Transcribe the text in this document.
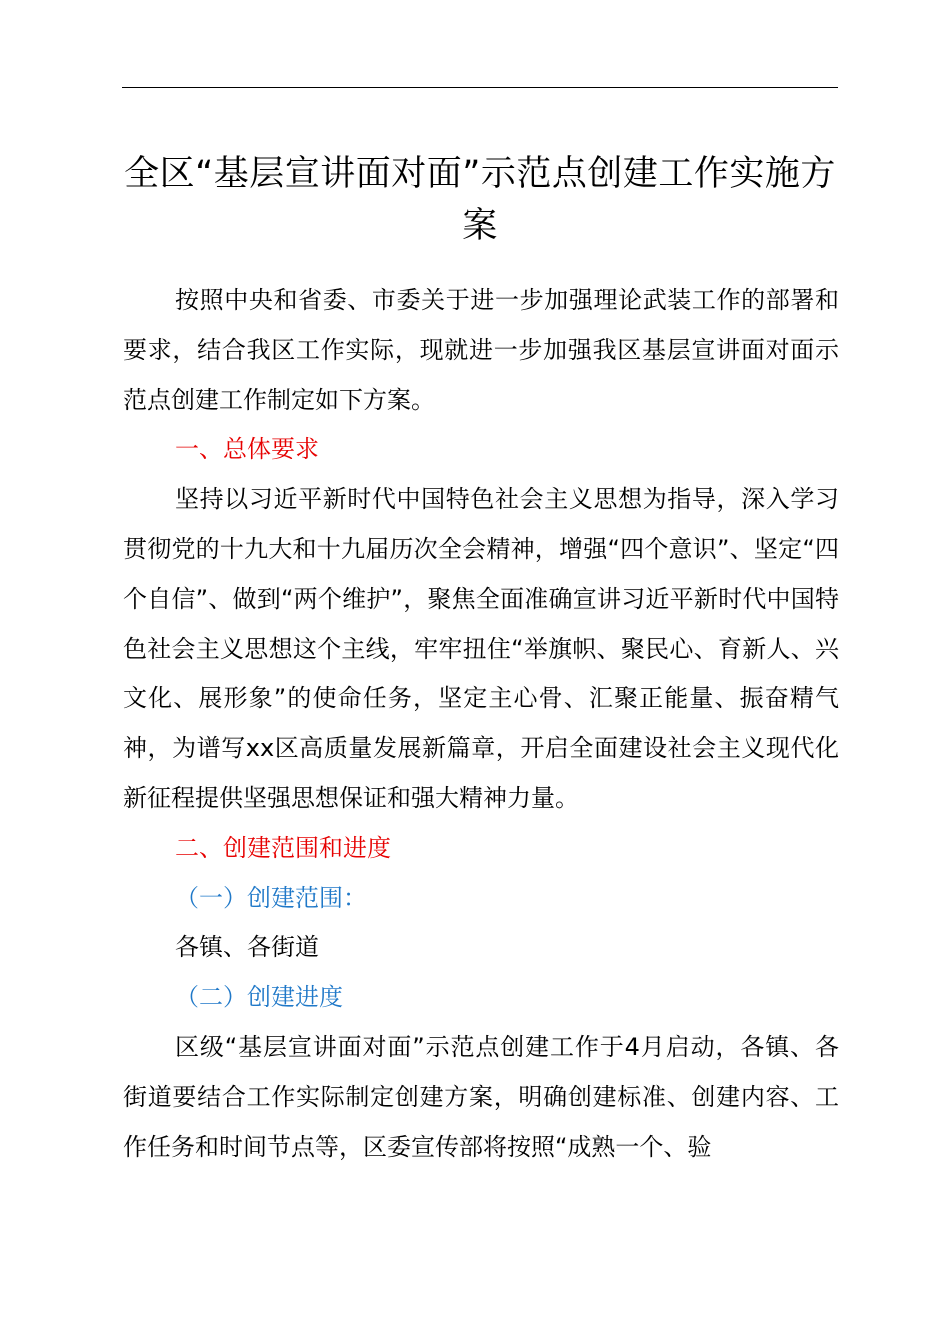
全区“基层宣讲面对面”示范点创建工作实施方案

按照中央和省委、市委关于进一步加强理论武装工作的部署和要求，结合我区工作实际，现就进一步加强我区基层宣讲面对面示范点创建工作制定如下方案。

一、总体要求

坚持以习近平新时代中国特色社会主义思想为指导，深入学习贯彻党的十九大和十九届历次全会精神，增强“四个意识”、坚定“四个自信”、做到“两个维护”，聚焦全面准确宣讲习近平新时代中国特色社会主义思想这个主线，牢牢扭住“举旗帜、聚民心、育新人、兴文化、展形象”的使命任务，坚定主心骨、汇聚正能量、振奋精气神，为谱写xx区高质量发展新篇章，开启全面建设社会主义现代化新征程提供坚强思想保证和强大精神力量。

二、创建范围和进度

（一）创建范围：

各镇、各街道

（二）创建进度

区级“基层宣讲面对面”示范点创建工作于4月启动，各镇、各街道要结合工作实际制定创建方案，明确创建标准、创建内容、工作任务和时间节点等，区委宣传部将按照“成熟一个、验
